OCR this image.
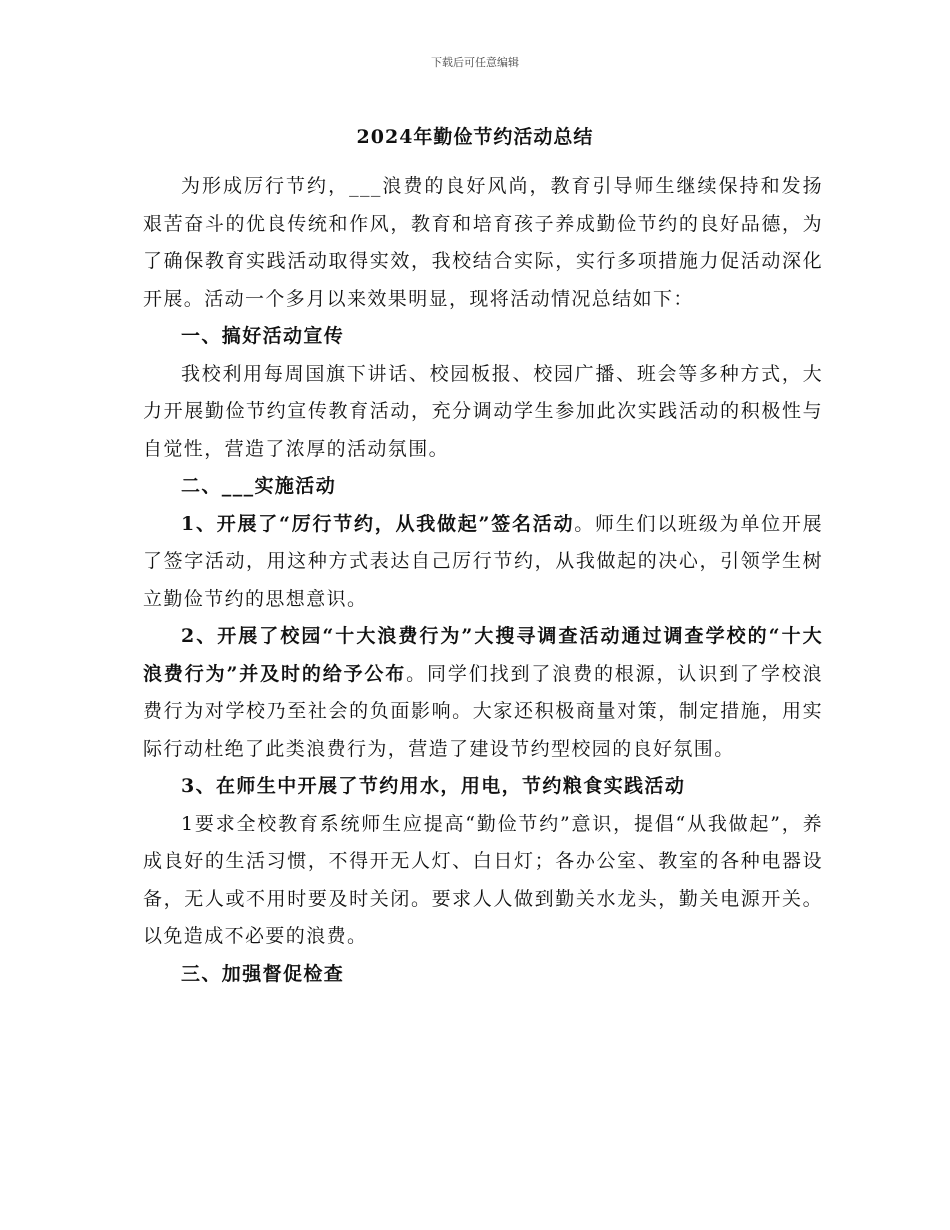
下载后可任意编辑
2024年勤俭节约活动总结

为形成厉行节约，___浪费的良好风尚，教育引导师生继续保持和发扬艰苦奋斗的优良传统和作风，教育和培育孩子养成勤俭节约的良好品德，为了确保教育实践活动取得实效，我校结合实际，实行多项措施力促活动深化开展。活动一个多月以来效果明显，现将活动情况总结如下：

一、搞好活动宣传

我校利用每周国旗下讲话、校园板报、校园广播、班会等多种方式，大力开展勤俭节约宣传教育活动，充分调动学生参加此次实践活动的积极性与自觉性，营造了浓厚的活动氛围。

二、___实施活动

1、开展了“厉行节约，从我做起”签名活动。师生们以班级为单位开展了签字活动，用这种方式表达自己厉行节约，从我做起的决心，引领学生树立勤俭节约的思想意识。

2、开展了校园“十大浪费行为”大搜寻调查活动通过调查学校的“十大浪费行为”并及时的给予公布。同学们找到了浪费的根源，认识到了学校浪费行为对学校乃至社会的负面影响。大家还积极商量对策，制定措施，用实际行动杜绝了此类浪费行为，营造了建设节约型校园的良好氛围。

3、在师生中开展了节约用水，用电，节约粮食实践活动

1要求全校教育系统师生应提高“勤俭节约”意识，提倡“从我做起”，养成良好的生活习惯，不得开无人灯、白日灯；各办公室、教室的各种电器设备，无人或不用时要及时关闭。要求人人做到勤关水龙头，勤关电源开关。以免造成不必要的浪费。

三、加强督促检查
